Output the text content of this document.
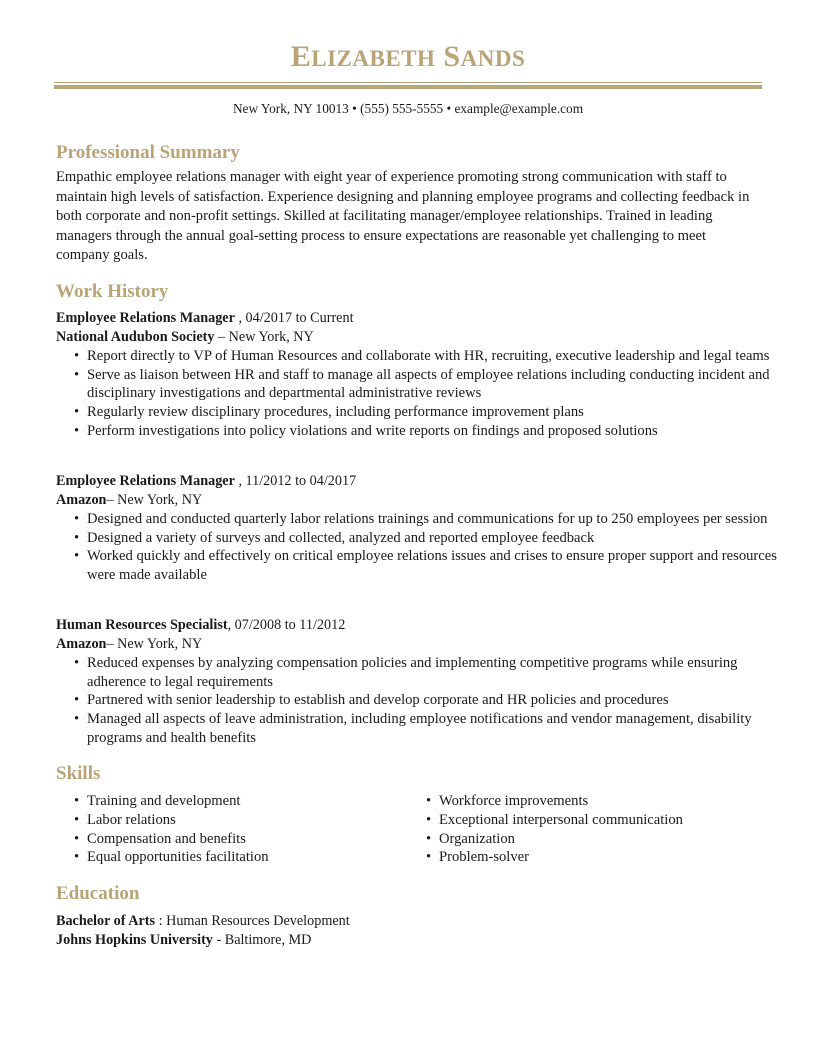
ELIZABETH SANDS
New York, NY 10013 • (555) 555-5555 • example@example.com
Professional Summary
Empathic employee relations manager with eight year of experience promoting strong communication with staff to maintain high levels of satisfaction. Experience designing and planning employee programs and collecting feedback in both corporate and non-profit settings. Skilled at facilitating manager/employee relationships. Trained in leading managers through the annual goal-setting process to ensure expectations are reasonable yet challenging to meet company goals.
Work History
Employee Relations Manager , 04/2017 to Current
National Audubon Society – New York, NY
• Report directly to VP of Human Resources and collaborate with HR, recruiting, executive leadership and legal teams
• Serve as liaison between HR and staff to manage all aspects of employee relations including conducting incident and disciplinary investigations and departmental administrative reviews
• Regularly review disciplinary procedures, including performance improvement plans
• Perform investigations into policy violations and write reports on findings and proposed solutions
Employee Relations Manager , 11/2012 to 04/2017
Amazon– New York, NY
• Designed and conducted quarterly labor relations trainings and communications for up to 250 employees per session
• Designed a variety of surveys and collected, analyzed and reported employee feedback
• Worked quickly and effectively on critical employee relations issues and crises to ensure proper support and resources were made available
Human Resources Specialist, 07/2008 to 11/2012
Amazon– New York, NY
• Reduced expenses by analyzing compensation policies and implementing competitive programs while ensuring adherence to legal requirements
• Partnered with senior leadership to establish and develop corporate and HR policies and procedures
• Managed all aspects of leave administration, including employee notifications and vendor management, disability programs and health benefits
Skills
• Training and development
• Labor relations
• Compensation and benefits
• Equal opportunities facilitation
• Workforce improvements
• Exceptional interpersonal communication
• Organization
• Problem-solver
Education
Bachelor of Arts : Human Resources Development
Johns Hopkins University - Baltimore, MD
